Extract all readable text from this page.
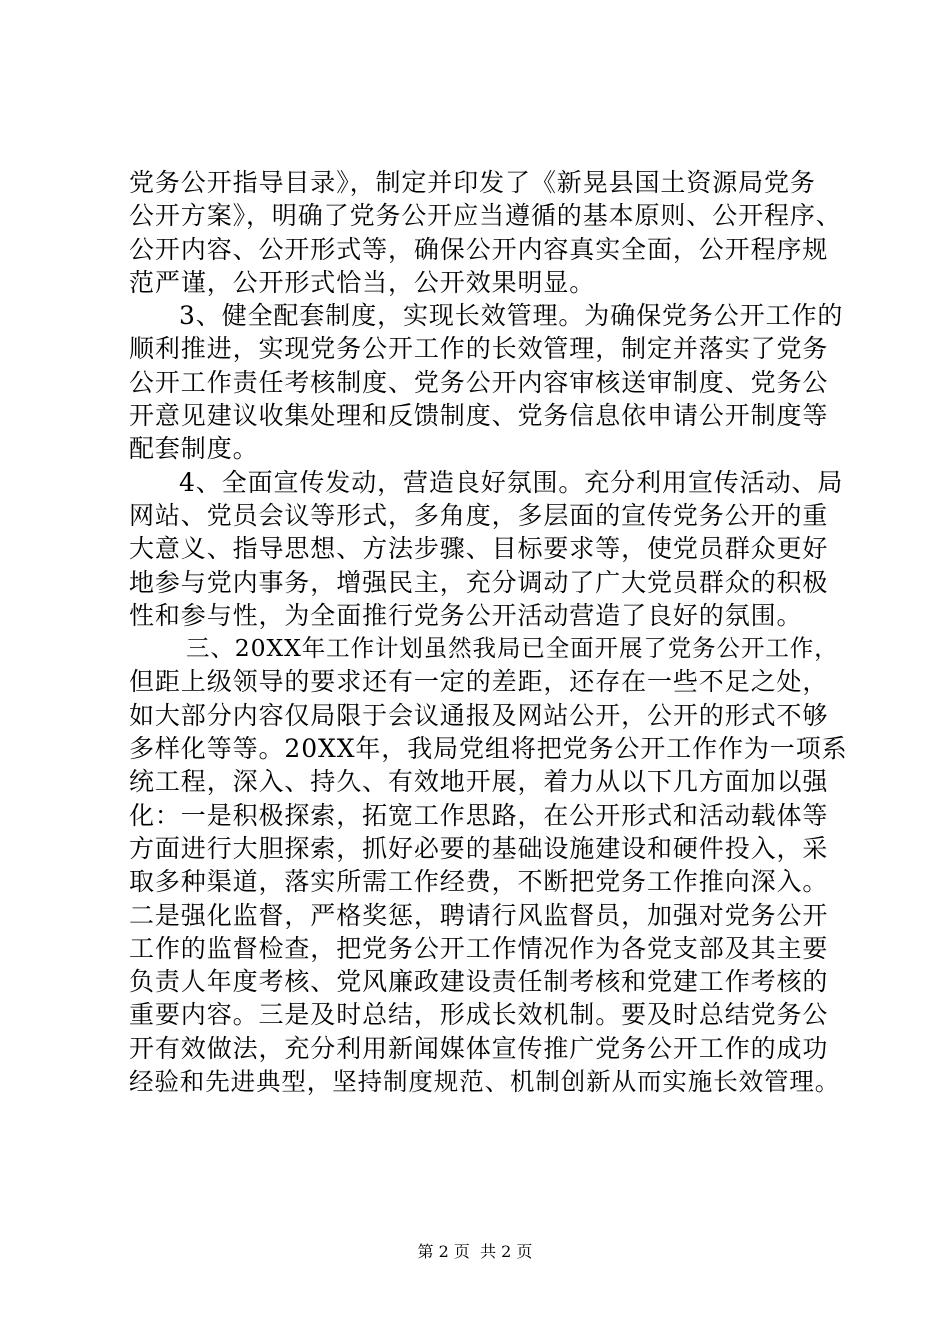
党务公开指导目录》，制定并印发了《新晃县国土资源局党务
公开方案》，明确了党务公开应当遵循的基本原则、公开程序、
公开内容、公开形式等，确保公开内容真实全面，公开程序规
范严谨，公开形式恰当，公开效果明显。
3、健全配套制度，实现长效管理。为确保党务公开工作的
顺利推进，实现党务公开工作的长效管理，制定并落实了党务
公开工作责任考核制度、党务公开内容审核送审制度、党务公
开意见建议收集处理和反馈制度、党务信息依申请公开制度等
配套制度。
4、全面宣传发动，营造良好氛围。充分利用宣传活动、局
网站、党员会议等形式，多角度，多层面的宣传党务公开的重
大意义、指导思想、方法步骤、目标要求等，使党员群众更好
地参与党内事务，增强民主，充分调动了广大党员群众的积极
性和参与性，为全面推行党务公开活动营造了良好的氛围。
三、20XX年工作计划虽然我局已全面开展了党务公开工作，
但距上级领导的要求还有一定的差距，还存在一些不足之处，
如大部分内容仅局限于会议通报及网站公开，公开的形式不够
多样化等等。20XX年，我局党组将把党务公开工作作为一项系
统工程，深入、持久、有效地开展，着力从以下几方面加以强
化：一是积极探索，拓宽工作思路，在公开形式和活动载体等
方面进行大胆探索，抓好必要的基础设施建设和硬件投入，采
取多种渠道，落实所需工作经费，不断把党务工作推向深入。
二是强化监督，严格奖惩，聘请行风监督员，加强对党务公开
工作的监督检查，把党务公开工作情况作为各党支部及其主要
负责人年度考核、党风廉政建设责任制考核和党建工作考核的
重要内容。三是及时总结，形成长效机制。要及时总结党务公
开有效做法，充分利用新闻媒体宣传推广党务公开工作的成功
经验和先进典型，坚持制度规范、机制创新从而实施长效管理。
第 2 页  共 2 页
